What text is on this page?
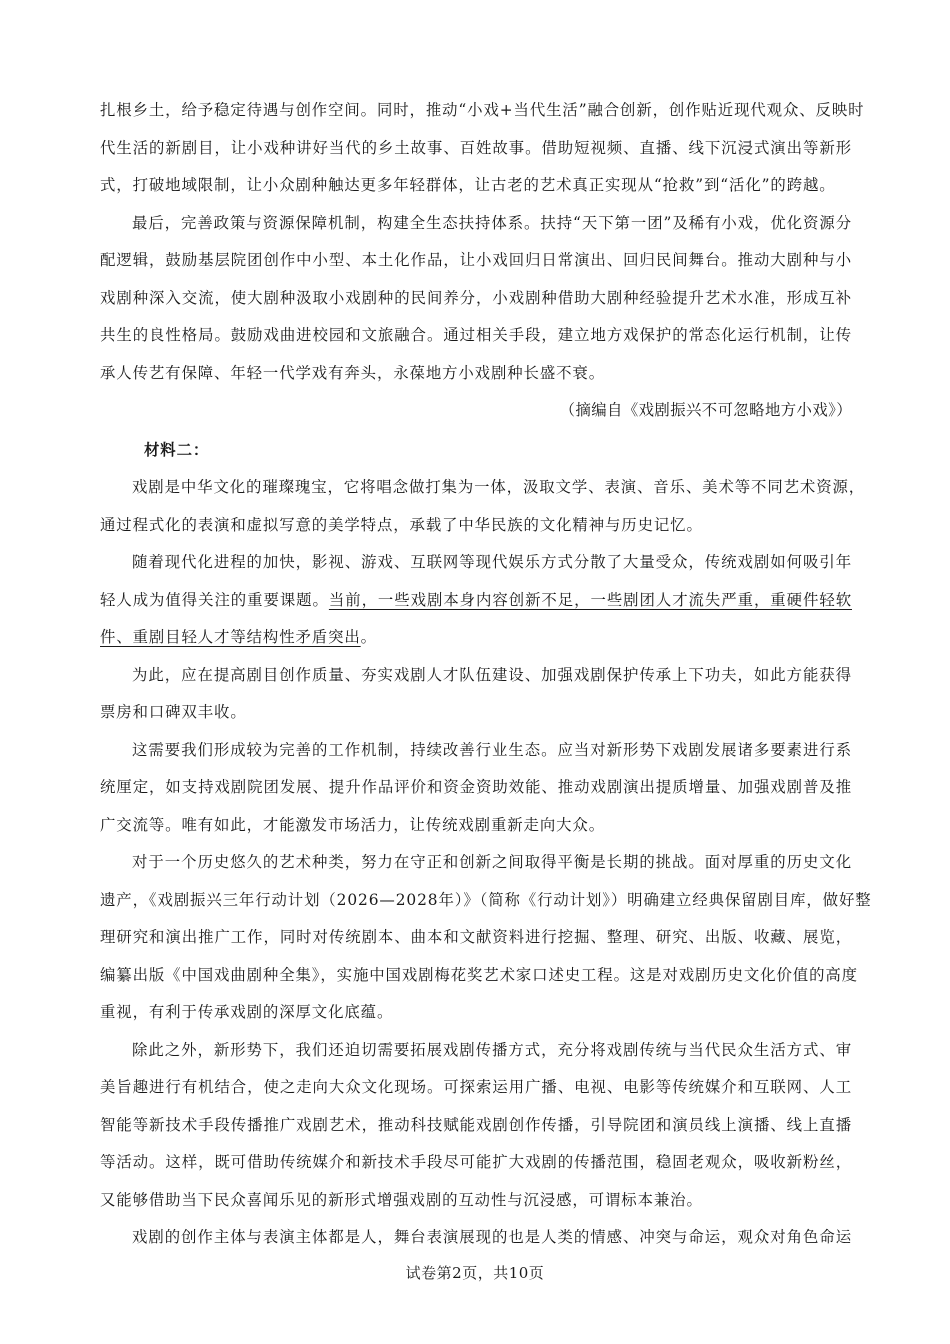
扎根乡土，给予稳定待遇与创作空间。同时，推动“小戏+当代生活”融合创新，创作贴近现代观众、反映时
代生活的新剧目，让小戏种讲好当代的乡土故事、百姓故事。借助短视频、直播、线下沉浸式演出等新形
式，打破地域限制，让小众剧种触达更多年轻群体，让古老的艺术真正实现从“抢救”到“活化”的跨越。
最后，完善政策与资源保障机制，构建全生态扶持体系。扶持“天下第一团”及稀有小戏，优化资源分
配逻辑，鼓励基层院团创作中小型、本土化作品，让小戏回归日常演出、回归民间舞台。推动大剧种与小
戏剧种深入交流，使大剧种汲取小戏剧种的民间养分，小戏剧种借助大剧种经验提升艺术水准，形成互补
共生的良性格局。鼓励戏曲进校园和文旅融合。通过相关手段，建立地方戏保护的常态化运行机制，让传
承人传艺有保障、年轻一代学戏有奔头，永葆地方小戏剧种长盛不衰。
（摘编自《戏剧振兴不可忽略地方小戏》）
材料二：
戏剧是中华文化的璀璨瑰宝，它将唱念做打集为一体，汲取文学、表演、音乐、美术等不同艺术资源，
通过程式化的表演和虚拟写意的美学特点，承载了中华民族的文化精神与历史记忆。
随着现代化进程的加快，影视、游戏、互联网等现代娱乐方式分散了大量受众，传统戏剧如何吸引年
轻人成为值得关注的重要课题。当前，一些戏剧本身内容创新不足，一些剧团人才流失严重，重硬件轻软
件、重剧目轻人才等结构性矛盾突出。
为此，应在提高剧目创作质量、夯实戏剧人才队伍建设、加强戏剧保护传承上下功夫，如此方能获得
票房和口碑双丰收。
这需要我们形成较为完善的工作机制，持续改善行业生态。应当对新形势下戏剧发展诸多要素进行系
统厘定，如支持戏剧院团发展、提升作品评价和资金资助效能、推动戏剧演出提质增量、加强戏剧普及推
广交流等。唯有如此，才能激发市场活力，让传统戏剧重新走向大众。
对于一个历史悠久的艺术种类，努力在守正和创新之间取得平衡是长期的挑战。面对厚重的历史文化
遗产，《戏剧振兴三年行动计划（2026—2028年）》（简称《行动计划》）明确建立经典保留剧目库，做好整
理研究和演出推广工作，同时对传统剧本、曲本和文献资料进行挖掘、整理、研究、出版、收藏、展览，
编纂出版《中国戏曲剧种全集》，实施中国戏剧梅花奖艺术家口述史工程。这是对戏剧历史文化价值的高度
重视，有利于传承戏剧的深厚文化底蕴。
除此之外，新形势下，我们还迫切需要拓展戏剧传播方式，充分将戏剧传统与当代民众生活方式、审
美旨趣进行有机结合，使之走向大众文化现场。可探索运用广播、电视、电影等传统媒介和互联网、人工
智能等新技术手段传播推广戏剧艺术，推动科技赋能戏剧创作传播，引导院团和演员线上演播、线上直播
等活动。这样，既可借助传统媒介和新技术手段尽可能扩大戏剧的传播范围，稳固老观众，吸收新粉丝，
又能够借助当下民众喜闻乐见的新形式增强戏剧的互动性与沉浸感，可谓标本兼治。
戏剧的创作主体与表演主体都是人，舞台表演展现的也是人类的情感、冲突与命运，观众对角色命运
试卷第2页，共10页
